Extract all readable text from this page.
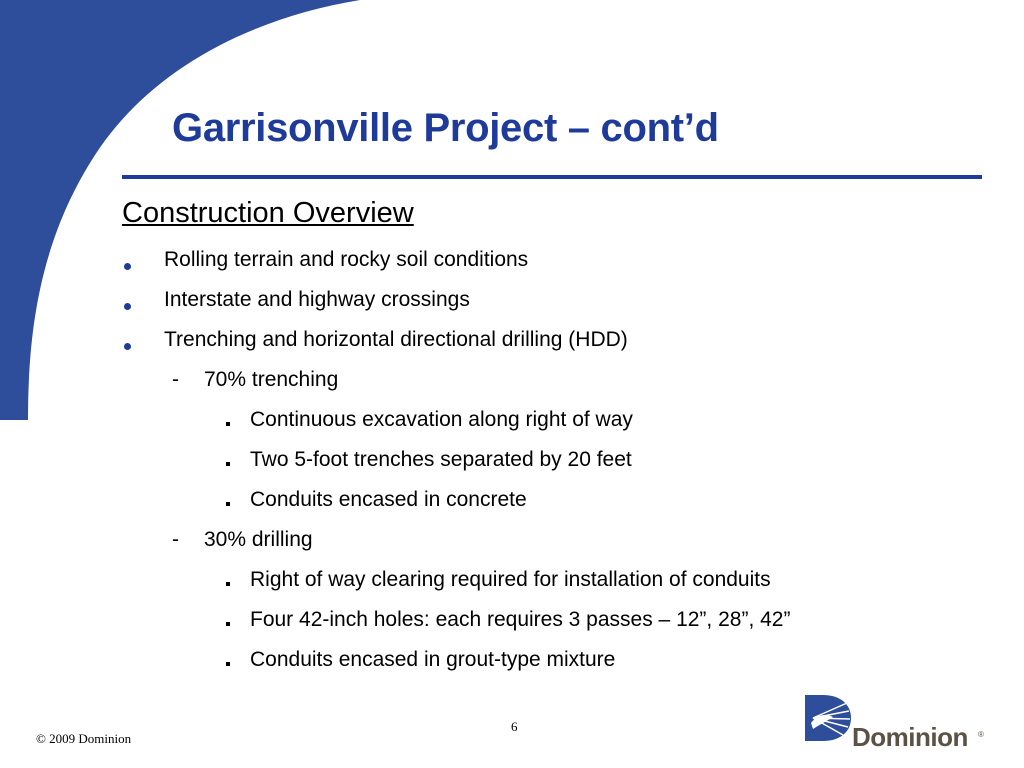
Garrisonville Project – cont’d
Construction Overview
Rolling terrain and rocky soil conditions
Interstate and highway crossings
Trenching and horizontal directional drilling (HDD)
- 70% trenching
Continuous excavation along right of way
Two 5-foot trenches separated by 20 feet
Conduits encased in concrete
- 30% drilling
Right of way clearing required for installation of conduits
Four 42-inch holes: each requires 3 passes – 12”, 28”, 42”
Conduits encased in grout-type mixture
© 2009 Dominion
6	Dominion ®
